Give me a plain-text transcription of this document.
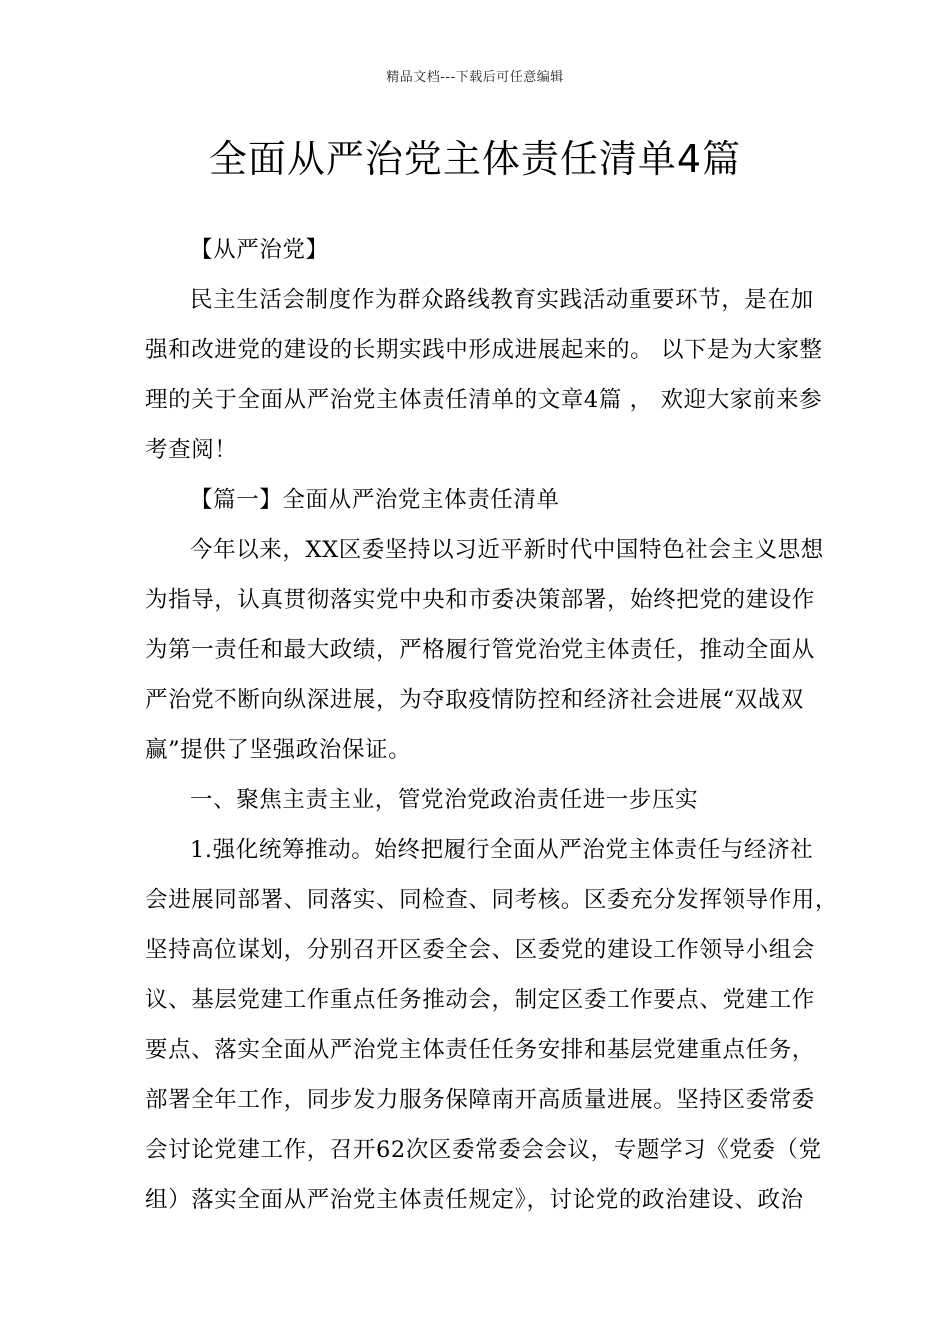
精品文档---下载后可任意编辑
全面从严治党主体责任清单4篇
【从严治党】
民主生活会制度作为群众路线教育实践活动重要环节，是在加
强和改进党的建设的长期实践中形成进展起来的。 以下是为大家整
理的关于全面从严治党主体责任清单的文章4篇 ， 欢迎大家前来参
考查阅！
【篇一】全面从严治党主体责任清单
今年以来，XX区委坚持以习近平新时代中国特色社会主义思想
为指导，认真贯彻落实党中央和市委决策部署，始终把党的建设作
为第一责任和最大政绩，严格履行管党治党主体责任，推动全面从
严治党不断向纵深进展，为夺取疫情防控和经济社会进展“双战双
赢”提供了坚强政治保证。
一、聚焦主责主业，管党治党政治责任进一步压实
1.强化统筹推动。始终把履行全面从严治党主体责任与经济社
会进展同部署、同落实、同检查、同考核。区委充分发挥领导作用，
坚持高位谋划，分别召开区委全会、区委党的建设工作领导小组会
议、基层党建工作重点任务推动会，制定区委工作要点、党建工作
要点、落实全面从严治党主体责任任务安排和基层党建重点任务，
部署全年工作，同步发力服务保障南开高质量进展。坚持区委常委
会讨论党建工作，召开62次区委常委会会议，专题学习《党委（党
组）落实全面从严治党主体责任规定》，讨论党的政治建设、政治
